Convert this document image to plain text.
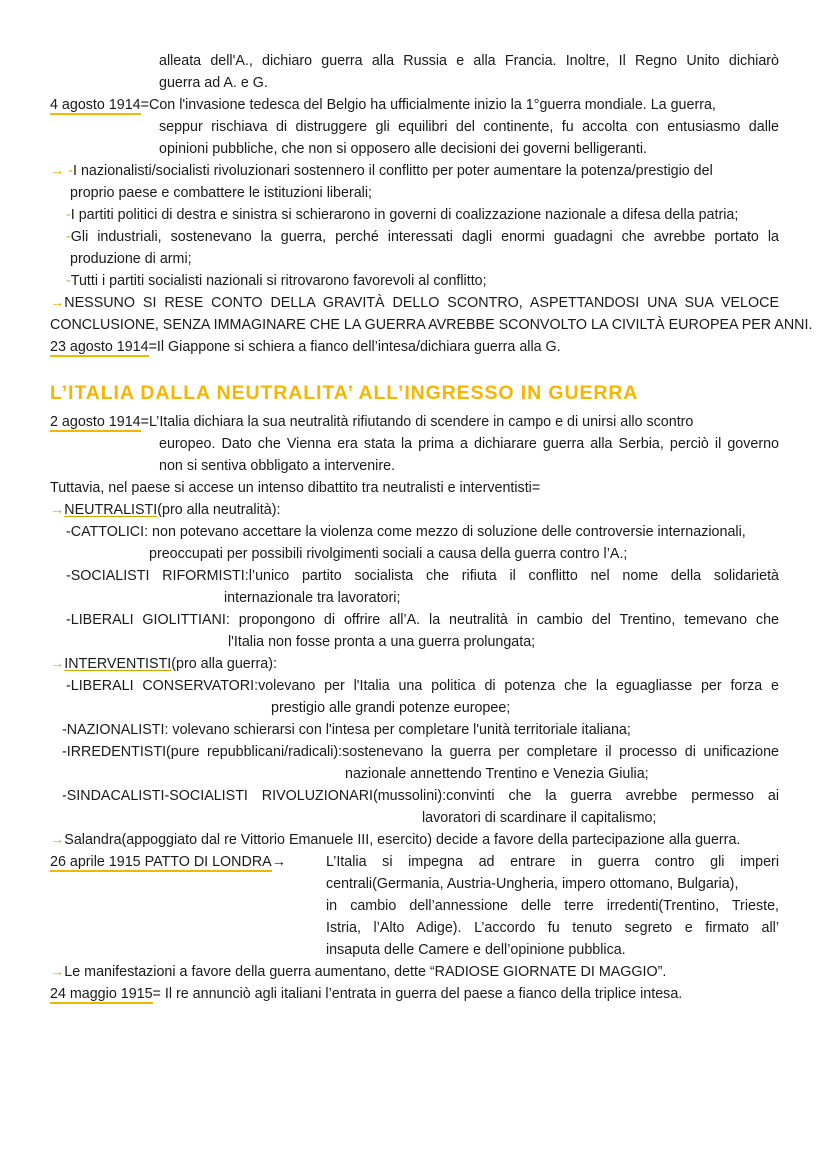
alleata dell'A., dichiaro guerra alla Russia e alla Francia. Inoltre, Il Regno Unito dichiarò
guerra ad A. e G.
4 agosto 1914=Con l'invasione tedesca del Belgio ha ufficialmente inizio la 1°guerra mondiale. La guerra,
seppur rischiava di distruggere gli equilibri del continente, fu accolta con entusiasmo dalle
opinioni pubbliche, che non si opposero alle decisioni dei governi belligeranti.
→ -I nazionalisti/socialisti rivoluzionari sostennero il conflitto per poter aumentare la potenza/prestigio del
proprio paese e combattere le istituzioni liberali;
-I partiti politici di destra e sinistra si schierarono in governi di coalizzazione nazionale a difesa della patria;
-Gli industriali, sostenevano la guerra, perché interessati dagli enormi guadagni che avrebbe portato la
produzione di armi;
-Tutti i partiti socialisti nazionali si ritrovarono favorevoli al conflitto;
→NESSUNO SI RESE CONTO DELLA GRAVITÀ DELLO SCONTRO, ASPETTANDOSI UNA SUA VELOCE
CONCLUSIONE, SENZA IMMAGINARE CHE LA GUERRA AVREBBE SCONVOLTO LA CIVILTÀ EUROPEA PER ANNI.
23 agosto 1914=Il Giappone si schiera a fianco dell’intesa/dichiara guerra alla G.
L’ITALIA DALLA NEUTRALITA’ ALL’INGRESSO IN GUERRA
2 agosto 1914=L’Italia dichiara la sua neutralità rifiutando di scendere in campo e di unirsi allo scontro
europeo. Dato che Vienna era stata la prima a dichiarare guerra alla Serbia, perciò il governo
non si sentiva obbligato a intervenire.
Tuttavia, nel paese si accese un intenso dibattito tra neutralisti e interventisti=
→NEUTRALISTI(pro alla neutralità):
-CATTOLICI: non potevano accettare la violenza come mezzo di soluzione delle controversie internazionali,
preoccupati per possibili rivolgimenti sociali a causa della guerra contro l’A.;
-SOCIALISTI RIFORMISTI:l’unico partito socialista che rifiuta il conflitto nel nome della solidarietà
internazionale tra lavoratori;
-LIBERALI GIOLITTIANI: propongono di offrire all’A. la neutralità in cambio del Trentino, temevano che
l'Italia non fosse pronta a una guerra prolungata;
→INTERVENTISTI(pro alla guerra):
-LIBERALI CONSERVATORI:volevano per l'Italia una politica di potenza che la eguagliasse per forza e
prestigio alle grandi potenze europee;
-NAZIONALISTI: volevano schierarsi con l'intesa per completare l'unità territoriale italiana;
-IRREDENTISTI(pure repubblicani/radicali):sostenevano la guerra per completare il processo di unificazione
nazionale annettendo Trentino e Venezia Giulia;
-SINDACALISTI-SOCIALISTI RIVOLUZIONARI(mussolini):convinti che la guerra avrebbe permesso ai
lavoratori di scardinare il capitalismo;
→Salandra(appoggiato dal re Vittorio Emanuele III, esercito) decide a favore della partecipazione alla guerra.
26 aprile 1915 PATTO DI LONDRA→	L’Italia si impegna ad entrare in guerra contro gli imperi
centrali(Germania, Austria-Ungheria, impero ottomano, Bulgaria),
in cambio dell’annessione delle terre irredenti(Trentino, Trieste,
Istria, l’Alto Adige). L’accordo fu tenuto segreto e firmato all’
insaputa delle Camere e dell’opinione pubblica.
→Le manifestazioni a favore della guerra aumentano, dette “RADIOSE GIORNATE DI MAGGIO”.
24 maggio 1915= Il re annunciò agli italiani l’entrata in guerra del paese a fianco della triplice intesa.
